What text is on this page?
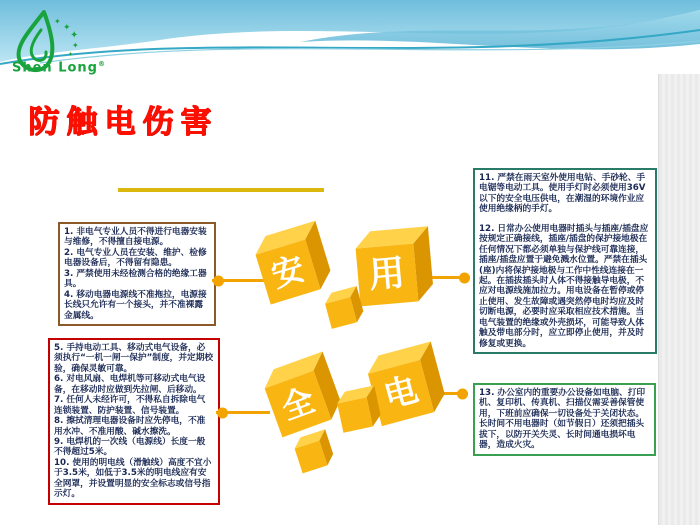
✦
✦
✦
✦
✦
Shen Long®
防触电伤害

1. 非电气专业人员不得进行电器安装与维修，不得擅自接电源。

2. 电气专业人员在安装、维护、检修电器设备后，不得留有隐患。

3. 严禁使用未经检测合格的绝缘工器具。

4. 移动电器电源线不准拖拉，电源接长线只允许有一个接头，并不准裸露金属线。

5. 手持电动工具、移动式电气设备，必须执行“一机一闸一保护”制度，并定期校验，确保灵敏可靠。

6. 对电风扇、电焊机等可移动式电气设备，在移动时应做到先拉闸、后移动。

7. 任何人未经许可，不得私自拆除电气连锁装置、防护装置、信号装置。

8. 擦拭清理电器设备时应先停电，不准用水冲、不准用酸、碱水擦洗。

9. 电焊机的一次线（电源线）长度一般不得超过5米。

10. 使用的明电线（滑触线）高度不宜小于3.5米，如低于3.5米的明电线应有安全网罩，并设置明显的安全标志或信号指示灯。

11. 严禁在雨天室外使用电钻、手砂轮、手电锯等电动工具。使用手灯时必须使用36V以下的安全电压供电，在潮湿的环境作业应使用绝缘柄的手灯。

12. 日常办公使用电器时插头与插座/插盘应按规定正确接线，插座/插盘的保护接地极在任何情况下都必须单独与保护线可靠连接，插座/插盘应置于避免溅水位置。严禁在插头(座)内将保护接地极与工作中性线连接在一起。在插拔插头时人体不得接触导电极，不应对电源线施加拉力。用电设备在暂停或停止使用、发生故障或遇突然停电时均应及时切断电源，必要时应采取相应技术措施。当电气装置的绝缘或外壳损坏，可能导致人体触及带电部分时，应立即停止使用，并及时修复或更换。

13. 办公室内的重要办公设备如电脑、打印机、复印机、传真机、扫描仪需妥善保管使用，下班前应确保一切设备处于关闭状态。长时间不用电器时（如节假日）还须把插头拔下，以防开关失灵、长时间通电损坏电器，造成火灾。

安 用
全 电
